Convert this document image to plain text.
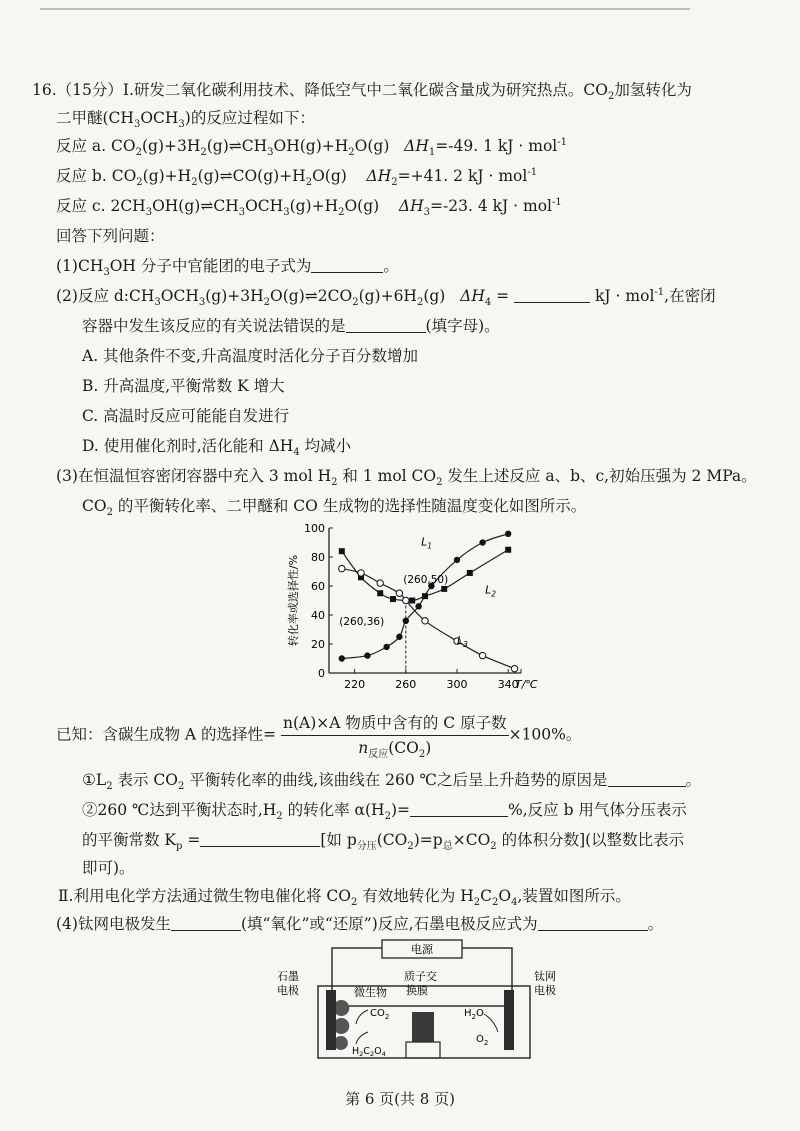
16.（15分）Ⅰ.研发二氧化碳利用技术、降低空气中二氧化碳含量成为研究热点。$CO_2$加氢转化为
二甲醚$(CH_3OCH_3)$的反应过程如下：
反应 a. $CO_2(g)+3H_2(g)\rightleftharpoons CH_3OH(g)+H_2O(g)$ $\Delta H_1=-49$. 1 kJ · mol$^{-1}$
反应 b. $CO_2(g)+H_2(g)\rightleftharpoons CO(g)+H_2O(g)$ $\Delta H_2=+41$. 2 kJ · mol$^{-1}$
反应 c. $2CH_3OH(g)\rightleftharpoons CH_3OCH_3(g)+H_2O(g)$ $\Delta H_3=-23$. 4 kJ · mol$^{-1}$
回答下列问题：
$(1)CH_3OH$ 分子中官能团的电子式为	。
(2)反应 $d:CH_3OCH_3(g)+3H_2O(g)\rightleftharpoons 2CO_2(g)+6H_2(g) \Delta H_4$ =	kJ · mol$^{-1}$,在密闭
容器中发生该反应的有关说法错误的是	(填字母)。
A. 其他条件不变,升高温度时活化分子百分数增加
B. 升高温度,平衡常数 K 增大
C. 高温时反应可能能自发进行
D. 使用催化剂时,活化能和 $\Delta H_4$ 均减小
(3)在恒温恒容密闭容器中充入 3 mol $H_2$ 和 1 mol $CO_2$ 发生上述反应 a、b、c,初始压强为 2 MPa。
$CO_2$ 的平衡转化率、二甲醚和 CO 生成物的选择性随温度变化如图所示。
0
20
40
60
80
100
220	260	300	340
T/℃
转化率或选择性/%
$L_1$
$L_2$
$L_3$
(260,50)
(260,36)
已知：含碳生成物 A 的选择性= $\frac{\text{n(A)×A 物质中含有的 C 原子数}}{n_{反应}(CO_2)} \times 100\%$。
$①L_2$ 表示 $CO_2$ 平衡转化率的曲线,该曲线在 260 ℃之后呈上升趋势的原因是	。
②260 ℃达到平衡状态时$,H_2$ 的转化率 $\alpha(H_2)=$	%,反应 b 用气体分压表示
的平衡常数 $K_p$ =	[如 $p_{分压}(CO_2)=p_总\times CO_2$ 的体积分数](以整数比表示
即可)。
Ⅱ.利用电化学方法通过微生物电催化将 $CO_2$ 有效地转化为 $H_2C_2O_4$,装置如图所示。
(4)钛网电极发生	(填“氧化”或“还原”)反应,石墨电极反应式为	。
电源
石墨
电极
钛网
电极
微生物
质子交
换膜
$CO_2$
$H_2C_2O_4$
$H_2O$
$O_2$
第 6 页(共 8 页)
